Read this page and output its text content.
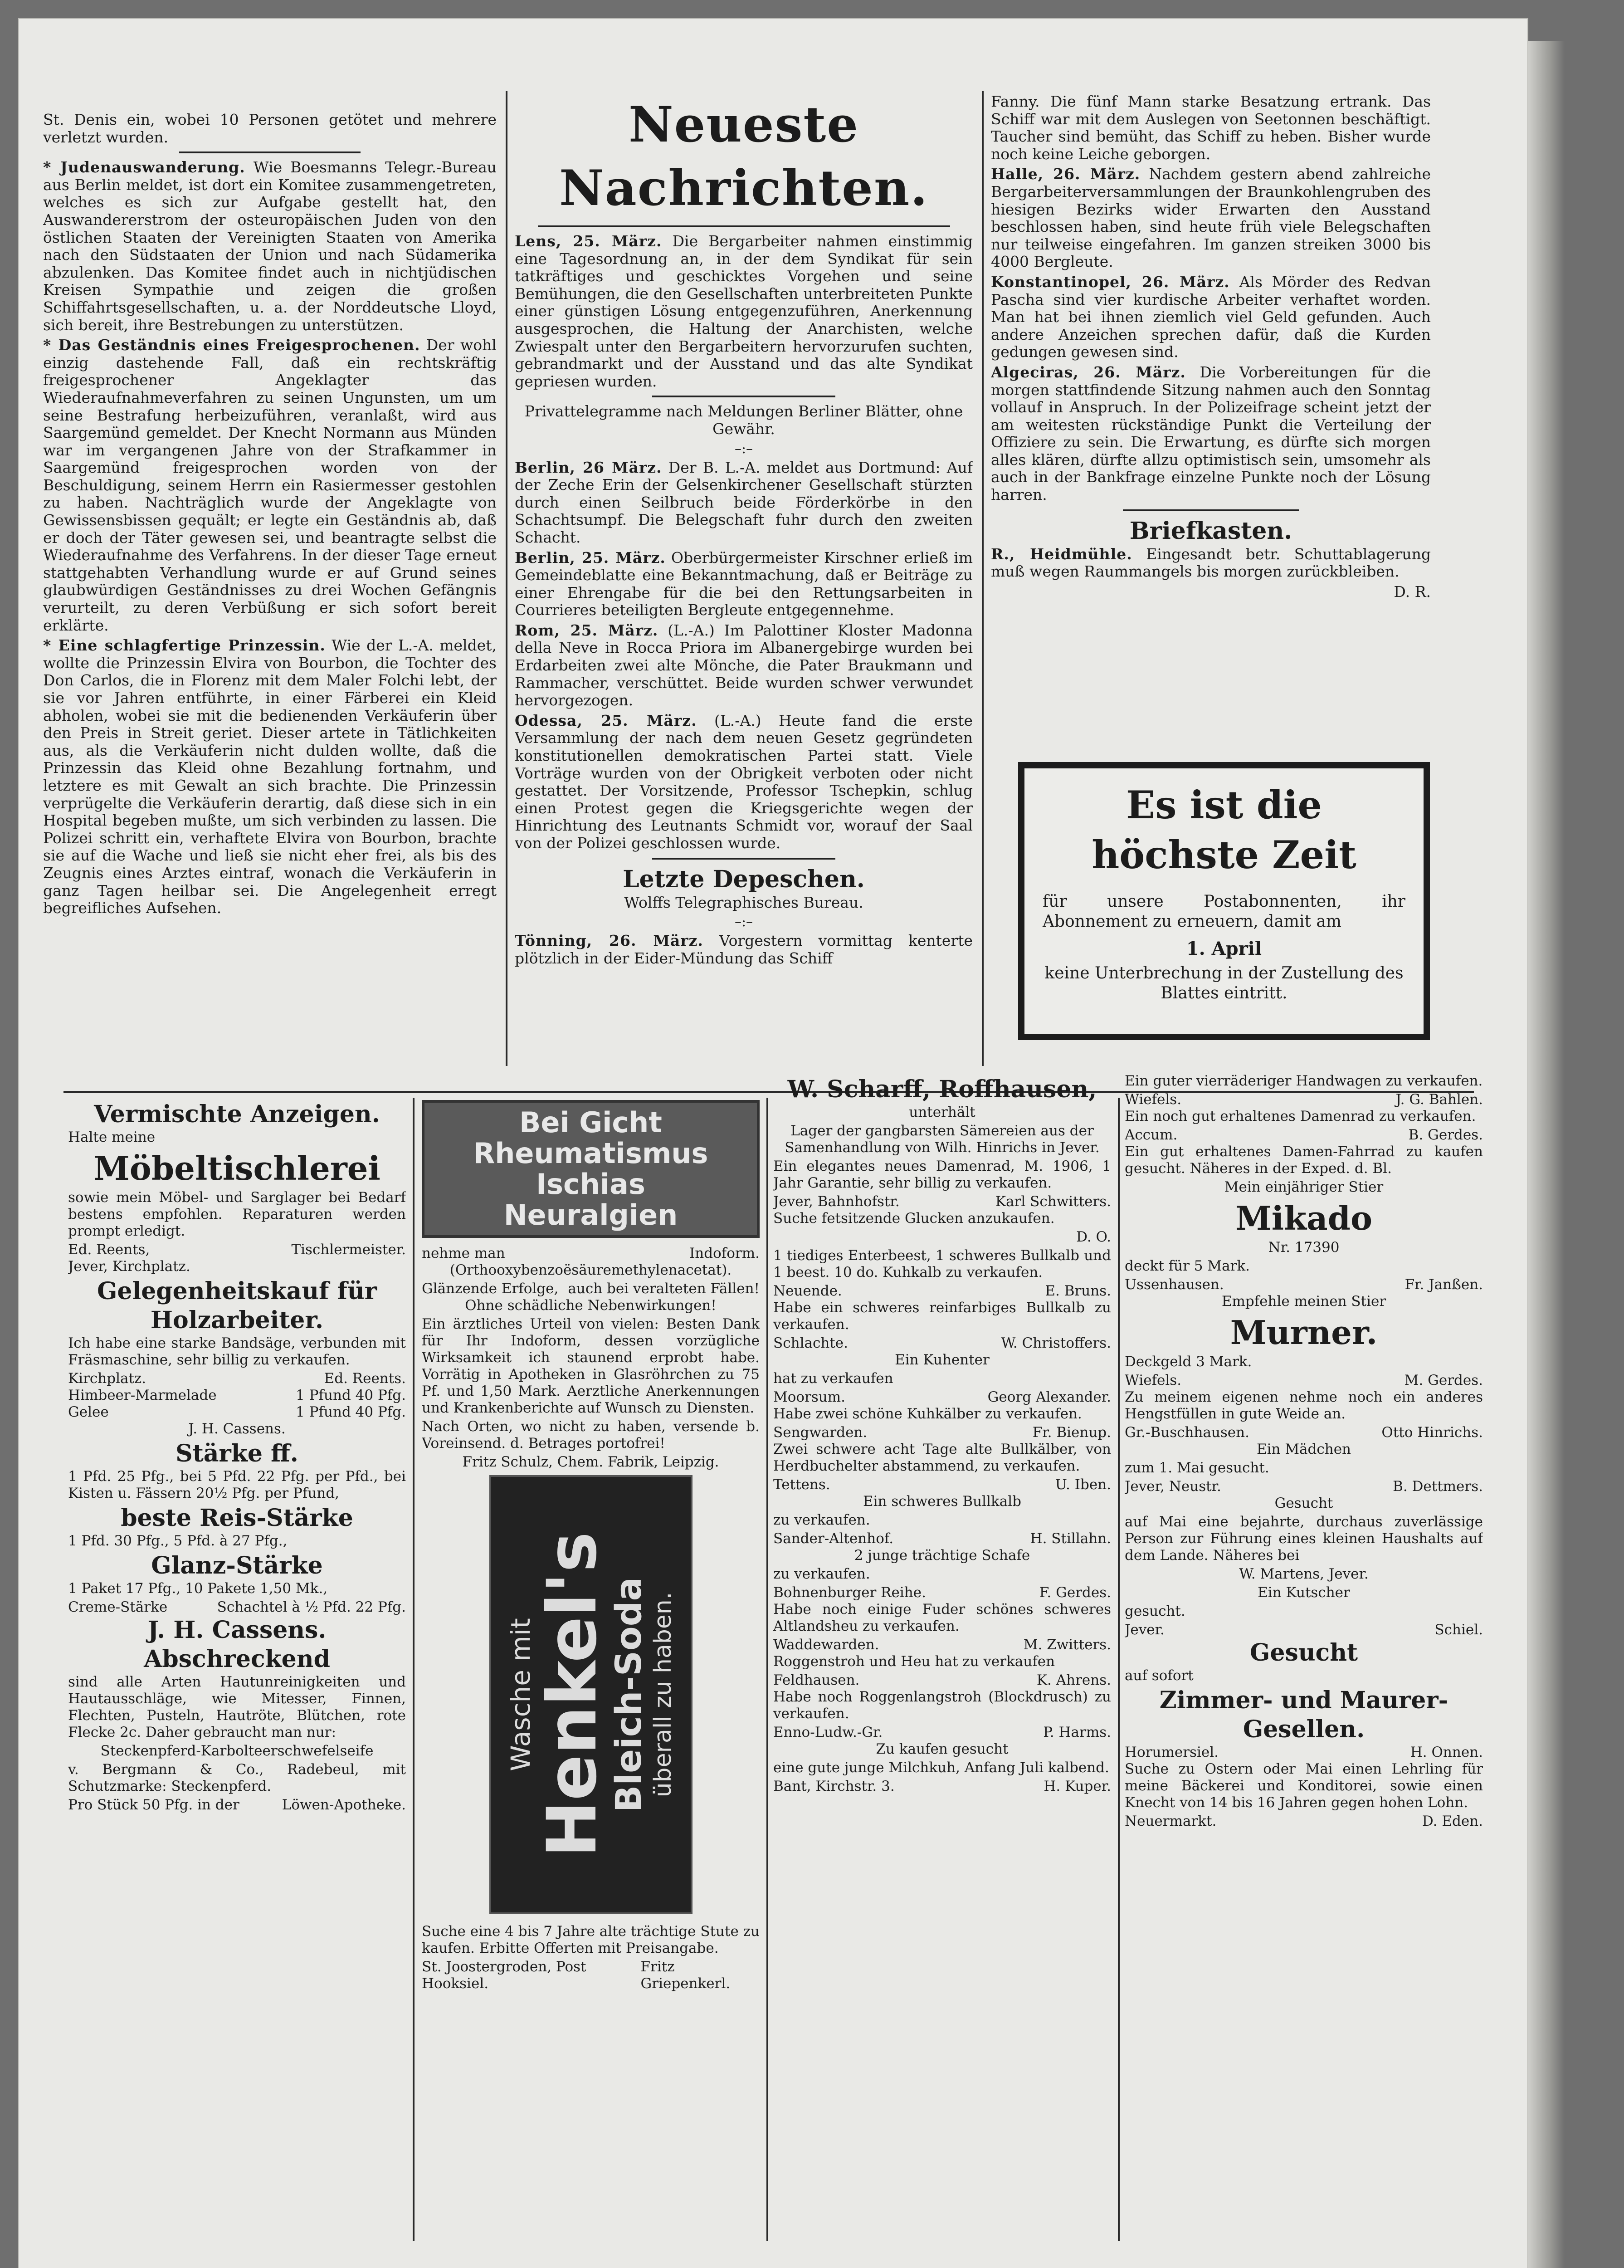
St. Denis ein, wobei 10 Personen getötet und mehrere verletzt wurden.

* Judenauswanderung. Wie Boesmanns Telegr.-Bureau aus Berlin meldet, ist dort ein Komitee zusammengetreten, welches es sich zur Aufgabe gestellt hat, den Auswandererstrom der osteuropäischen Juden von den östlichen Staaten der Vereinigten Staaten von Amerika nach den Südstaaten der Union und nach Südamerika abzulenken. Das Komitee findet auch in nichtjüdischen Kreisen Sympathie und zeigen die großen Schiffahrtsgesellschaften, u. a. der Norddeutsche Lloyd, sich bereit, ihre Bestrebungen zu unterstützen.

* Das Geständnis eines Freigesprochenen. Der wohl einzig dastehende Fall, daß ein rechtskräftig freigesprochener Angeklagter das Wiederaufnahmeverfahren zu seinen Ungunsten, um um seine Bestrafung herbeizuführen, veranlaßt, wird aus Saargemünd gemeldet. Der Knecht Normann aus Münden war im vergangenen Jahre von der Strafkammer in Saargemünd freigesprochen worden von der Beschuldigung, seinem Herrn ein Rasiermesser gestohlen zu haben. Nachträglich wurde der Angeklagte von Gewissensbissen gequält; er legte ein Geständnis ab, daß er doch der Täter gewesen sei, und beantragte selbst die Wiederaufnahme des Verfahrens. In der dieser Tage erneut stattgehabten Verhandlung wurde er auf Grund seines glaubwürdigen Geständnisses zu drei Wochen Gefängnis verurteilt, zu deren Verbüßung er sich sofort bereit erklärte.

* Eine schlagfertige Prinzessin. Wie der L.-A. meldet, wollte die Prinzessin Elvira von Bourbon, die Tochter des Don Carlos, die in Florenz mit dem Maler Folchi lebt, der sie vor Jahren entführte, in einer Färberei ein Kleid abholen, wobei sie mit die bedienenden Verkäuferin über den Preis in Streit geriet. Dieser artete in Tätlichkeiten aus, als die Verkäuferin nicht dulden wollte, daß die Prinzessin das Kleid ohne Bezahlung fortnahm, und letztere es mit Gewalt an sich brachte. Die Prinzessin verprügelte die Verkäuferin derartig, daß diese sich in ein Hospital begeben mußte, um sich verbinden zu lassen. Die Polizei schritt ein, verhaftete Elvira von Bourbon, brachte sie auf die Wache und ließ sie nicht eher frei, als bis des Zeugnis eines Arztes eintraf, wonach die Verkäuferin in ganz Tagen heilbar sei. Die Angelegenheit erregt begreifliches Aufsehen.

Neueste Nachrichten.

Lens, 25. März. Die Bergarbeiter nahmen einstimmig eine Tagesordnung an, in der dem Syndikat für sein tatkräftiges und geschicktes Vorgehen und seine Bemühungen, die den Gesellschaften unterbreiteten Punkte einer günstigen Lösung entgegenzuführen, Anerkennung ausgesprochen, die Haltung der Anarchisten, welche Zwiespalt unter den Bergarbeitern hervorzurufen suchten, gebrandmarkt und der Ausstand und das alte Syndikat gepriesen wurden.

Privattelegramme nach Meldungen Berliner Blätter, ohne Gewähr.

–:–

Berlin, 26 März. Der B. L.-A. meldet aus Dortmund: Auf der Zeche Erin der Gelsenkirchener Gesellschaft stürzten durch einen Seilbruch beide Förderkörbe in den Schachtsumpf. Die Belegschaft fuhr durch den zweiten Schacht.

Berlin, 25. März. Oberbürgermeister Kirschner erließ im Gemeindeblatte eine Bekanntmachung, daß er Beiträge zu einer Ehrengabe für die bei den Rettungsarbeiten in Courrieres beteiligten Bergleute entgegennehme.

Rom, 25. März. (L.-A.) Im Palottiner Kloster Madonna della Neve in Rocca Priora im Albanergebirge wurden bei Erdarbeiten zwei alte Mönche, die Pater Braukmann und Rammacher, verschüttet. Beide wurden schwer verwundet hervorgezogen.

Odessa, 25. März. (L.-A.) Heute fand die erste Versammlung der nach dem neuen Gesetz gegründeten konstitutionellen demokratischen Partei statt. Viele Vorträge wurden von der Obrigkeit verboten oder nicht gestattet. Der Vorsitzende, Professor Tschepkin, schlug einen Protest gegen die Kriegsgerichte wegen der Hinrichtung des Leutnants Schmidt vor, worauf der Saal von der Polizei geschlossen wurde.

Letzte Depeschen.

Wolffs Telegraphisches Bureau.

–:–

Tönning, 26. März. Vorgestern vormittag kenterte plötzlich in der Eider-Mündung das Schiff

Fanny. Die fünf Mann starke Besatzung ertrank. Das Schiff war mit dem Auslegen von Seetonnen beschäftigt. Taucher sind bemüht, das Schiff zu heben. Bisher wurde noch keine Leiche geborgen.

Halle, 26. März. Nachdem gestern abend zahlreiche Bergarbeiterversammlungen der Braunkohlengruben des hiesigen Bezirks wider Erwarten den Ausstand beschlossen haben, sind heute früh viele Belegschaften nur teilweise eingefahren. Im ganzen streiken 3000 bis 4000 Bergleute.

Konstantinopel, 26. März. Als Mörder des Redvan Pascha sind vier kurdische Arbeiter verhaftet worden. Man hat bei ihnen ziemlich viel Geld gefunden. Auch andere Anzeichen sprechen dafür, daß die Kurden gedungen gewesen sind.

Algeciras, 26. März. Die Vorbereitungen für die morgen stattfindende Sitzung nahmen auch den Sonntag vollauf in Anspruch. In der Polizeifrage scheint jetzt der am weitesten rückständige Punkt die Verteilung der Offiziere zu sein. Die Erwartung, es dürfte sich morgen alles klären, dürfte allzu optimistisch sein, umsomehr als auch in der Bankfrage einzelne Punkte noch der Lösung harren.

Briefkasten.

R., Heidmühle. Eingesandt betr. Schuttablagerung muß wegen Raummangels bis morgen zurückbleiben.

D. R.

Es ist die höchste Zeit

für unsere Postabonnenten, ihr Abonnement zu erneuern, damit am

1. April

keine Unterbrechung in der Zustellung des Blattes eintritt.

Vermischte Anzeigen.

Halte meine

Möbeltischlerei

sowie mein Möbel- und Sarglager bei Bedarf bestens empfohlen. Reparaturen werden prompt erledigt.

Ed. Reents,	Tischlermeister.

Jever, Kirchplatz.

Gelegenheitskauf für Holzarbeiter.

Ich habe eine starke Bandsäge, verbunden mit Fräsmaschine, sehr billig zu verkaufen.

Kirchplatz.	Ed. Reents.
Himbeer-Marmelade	1 Pfund 40 Pfg.
Gelee	1 Pfund 40 Pfg.

J. H. Cassens.

Stärke ff.

1 Pfd. 25 Pfg., bei 5 Pfd. 22 Pfg. per Pfd., bei Kisten u. Fässern 20½ Pfg. per Pfund,

beste Reis-Stärke

1 Pfd. 30 Pfg., 5 Pfd. à 27 Pfg.,

Glanz-Stärke

1 Paket 17 Pfg., 10 Pakete 1,50 Mk.,

Creme-Stärke	Schachtel à ½ Pfd. 22 Pfg.
J. H. Cassens.
Abschreckend

sind alle Arten Hautunreinigkeiten und Hautausschläge, wie Mitesser, Finnen, Flechten, Pusteln, Hautröte, Blütchen, rote Flecke 2c. Daher gebraucht man nur:

Steckenpferd-Karbolteerschwefelseife

v. Bergmann & Co., Radebeul, mit Schutzmarke: Steckenpferd.

Pro Stück 50 Pfg. in der	Löwen-Apotheke.
Bei Gicht
Rheumatismus
Ischias
Neuralgien
nehme man	Indoform.

(Orthooxybenzoësäuremethylenacetat).

Glänzende Erfolge, auch bei veralteten Fällen!

Ohne schädliche Nebenwirkungen!

Ein ärztliches Urteil von vielen: Besten Dank für Ihr Indoform, dessen vorzügliche Wirksamkeit ich staunend erprobt habe. Vorrätig in Apotheken in Glasröhrchen zu 75 Pf. und 1,50 Mark. Aerztliche Anerkennungen und Krankenberichte auf Wunsch zu Diensten.

Nach Orten, wo nicht zu haben, versende b. Voreinsend. d. Betrages portofrei!

Fritz Schulz, Chem. Fabrik, Leipzig.

Wasche mit
Henkel's
Bleich-Soda überall zu haben.

Suche eine 4 bis 7 Jahre alte trächtige Stute zu kaufen. Erbitte Offerten mit Preisangabe.

St. Joostergroden, Post Hooksiel.
Fritz Griepenkerl.
W. Scharff, Roffhausen,

unterhält

Lager der gangbarsten Sämereien aus der Samenhandlung von Wilh. Hinrichs in Jever.

Ein elegantes neues Damenrad, M. 1906, 1 Jahr Garantie, sehr billig zu verkaufen.

Jever, Bahnhofstr.	Karl Schwitters.

Suche fetsitzende Glucken anzukaufen.

D. O.

1 tiediges Enterbeest, 1 schweres Bullkalb und 1 beest. 10 do. Kuhkalb zu verkaufen.

Neuende.	E. Bruns.

Habe ein schweres reinfarbiges Bullkalb zu verkaufen.

Schlachte.	W. Christoffers.

Ein Kuhenter

hat zu verkaufen

Moorsum.	Georg Alexander.

Habe zwei schöne Kuhkälber zu verkaufen.

Sengwarden.	Fr. Bienup.

Zwei schwere acht Tage alte Bullkälber, von Herdbuchelter abstammend, zu verkaufen.

Tettens.	U. Iben.

Ein schweres Bullkalb

zu verkaufen.

Sander-Altenhof.	H. Stillahn.

2 junge trächtige Schafe

zu verkaufen.

Bohnenburger Reihe.	F. Gerdes.

Habe noch einige Fuder schönes schweres Altlandsheu zu verkaufen.

Waddewarden.	M. Zwitters.

Roggenstroh und Heu hat zu verkaufen

Feldhausen.	K. Ahrens.

Habe noch Roggenlangstroh (Blockdrusch) zu verkaufen.

Enno-Ludw.-Gr.	P. Harms.

Zu kaufen gesucht

eine gute junge Milchkuh, Anfang Juli kalbend.

Bant, Kirchstr. 3.	H. Kuper.

Ein guter vierräderiger Handwagen zu verkaufen.

Wiefels.	J. G. Bahlen.

Ein noch gut erhaltenes Damenrad zu verkaufen.

Accum.	B. Gerdes.

Ein gut erhaltenes Damen-Fahrrad zu kaufen gesucht. Näheres in der Exped. d. Bl.

Mein einjähriger Stier

Mikado

Nr. 17390

deckt für 5 Mark.

Ussenhausen.	Fr. Janßen.

Empfehle meinen Stier

Murner.

Deckgeld 3 Mark.

Wiefels.	M. Gerdes.

Zu meinem eigenen nehme noch ein anderes Hengstfüllen in gute Weide an.

Gr.-Buschhausen.	Otto Hinrichs.

Ein Mädchen

zum 1. Mai gesucht.

Jever, Neustr.	B. Dettmers.

Gesucht

auf Mai eine bejahrte, durchaus zuverlässige Person zur Führung eines kleinen Haushalts auf dem Lande. Näheres bei

W. Martens, Jever.

Ein Kutscher

gesucht.

Jever.	Schiel.
Gesucht

auf sofort

Zimmer- und Maurer-Gesellen.
Horumersiel.	H. Onnen.

Suche zu Ostern oder Mai einen Lehrling für meine Bäckerei und Konditorei, sowie einen Knecht von 14 bis 16 Jahren gegen hohen Lohn.

Neuermarkt.	D. Eden.
